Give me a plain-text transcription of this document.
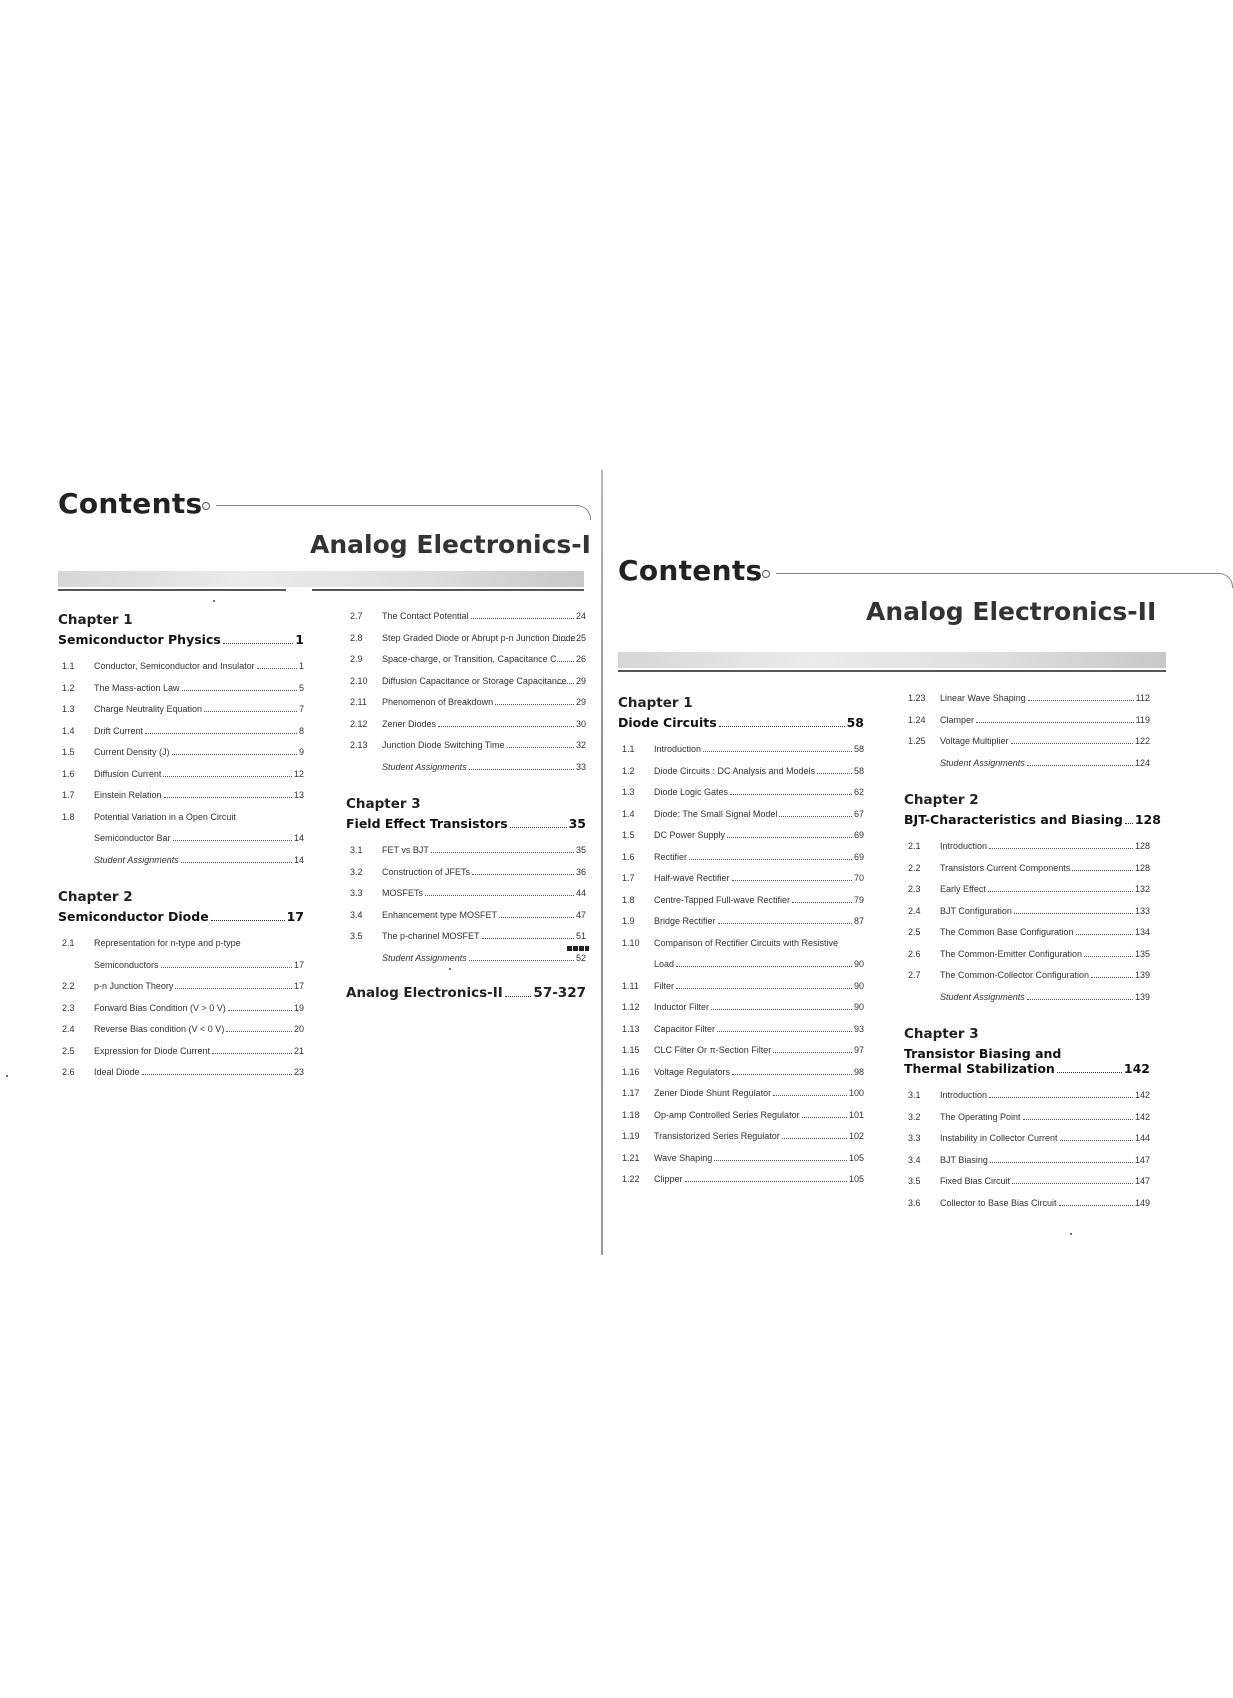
Contents
Analog Electronics-I
Chapter 1
Semiconductor Physics	1
1.1	Conductor, Semiconductor and Insulator	1
1.2	The Mass-action Law	5
1.3	Charge Neutrality Equation	7
1.4	Drift Current	8
1.5	Current Density (J)	9
1.6	Diffusion Current	12
1.7	Einstein Relation	13
1.8	Potential Variation in a Open Circuit
Semiconductor Bar	14
Student Assignments	14
Chapter 2
Semiconductor Diode	17
2.1	Representation for n-type and p-type
Semiconductors	17
2.2	p-n Junction Theory	17
2.3	Forward Bias Condition (V > 0 V)	19
2.4	Reverse Bias condition (V < 0 V)	20
2.5	Expression for Diode Current	21
2.6	Ideal Diode	23
2.7	The Contact Potential	24
2.8	Step Graded Diode or Abrupt p-n Junction Diode 25
2.9	Space-charge, or Transition, Capacitance C 26
2.10	Diffusion Capacitance or Storage Capacitance 29
2.11	Phenomenon of Breakdown	29
2.12	Zener Diodes	30
2.13	Junction Diode Switching Time	32
Student Assignments	33
Chapter 3
Field Effect Transistors	35
3.1	FET vs BJT	35
3.2	Construction of JFETs	36
3.3	MOSFETs	44
3.4	Enhancement type MOSFET	47
3.5	The p-channel MOSFET	51
Student Assignments	52
Analog Electronics-II 57-327
Contents
Analog Electronics-II
Chapter 1
Diode Circuits	58
1.1	Introduction	58
1.2	Diode Circuits : DC Analysis and Models	58
1.3	Diode Logic Gates	62
1.4	Diode: The Small Signal Model	67
1.5	DC Power Supply	69
1.6	Rectifier	69
1.7	Half-wave Rectifier	70
1.8	Centre-Tapped Full-wave Rectifier	79
1.9	Bridge Rectifier	87
1.10	Comparison of Rectifier Circuits with Resistive
Load	90
1.11	Filter	90
1.12	Inductor Filter	90
1.13	Capacitor Filter	93
1.15	CLC Filter Or π-Section Filter	97
1.16	Voltage Regulators	98
1.17	Zener Diode Shunt Regulator	100
1.18	Op-amp Controlled Series Regulator	101
1.19	Transistorized Series Regulator	102
1.21	Wave Shaping	105
1.22	Clipper	105
1.23	Linear Wave Shaping	112
1.24	Clamper	119
1.25	Voltage Multiplier	122
Student Assignments	124
Chapter 2
BJT-Characteristics and Biasing 128
2.1	Introduction	128
2.2	Transistors Current Components	128
2.3	Early Effect	132
2.4	BJT Configuration	133
2.5	The Common Base Configuration	134
2.6	The Common-Emitter Configuration	135
2.7	The Common-Collector Configuration	139
Student Assignments	139
Chapter 3
Transistor Biasing and
Thermal Stabilization	142
3.1	Introduction	142
3.2	The Operating Point	142
3.3	Instability in Collector Current	144
3.4	BJT Biasing	147
3.5	Fixed Bias Circuit	147
3.6	Collector to Base Bias Circuit	149
